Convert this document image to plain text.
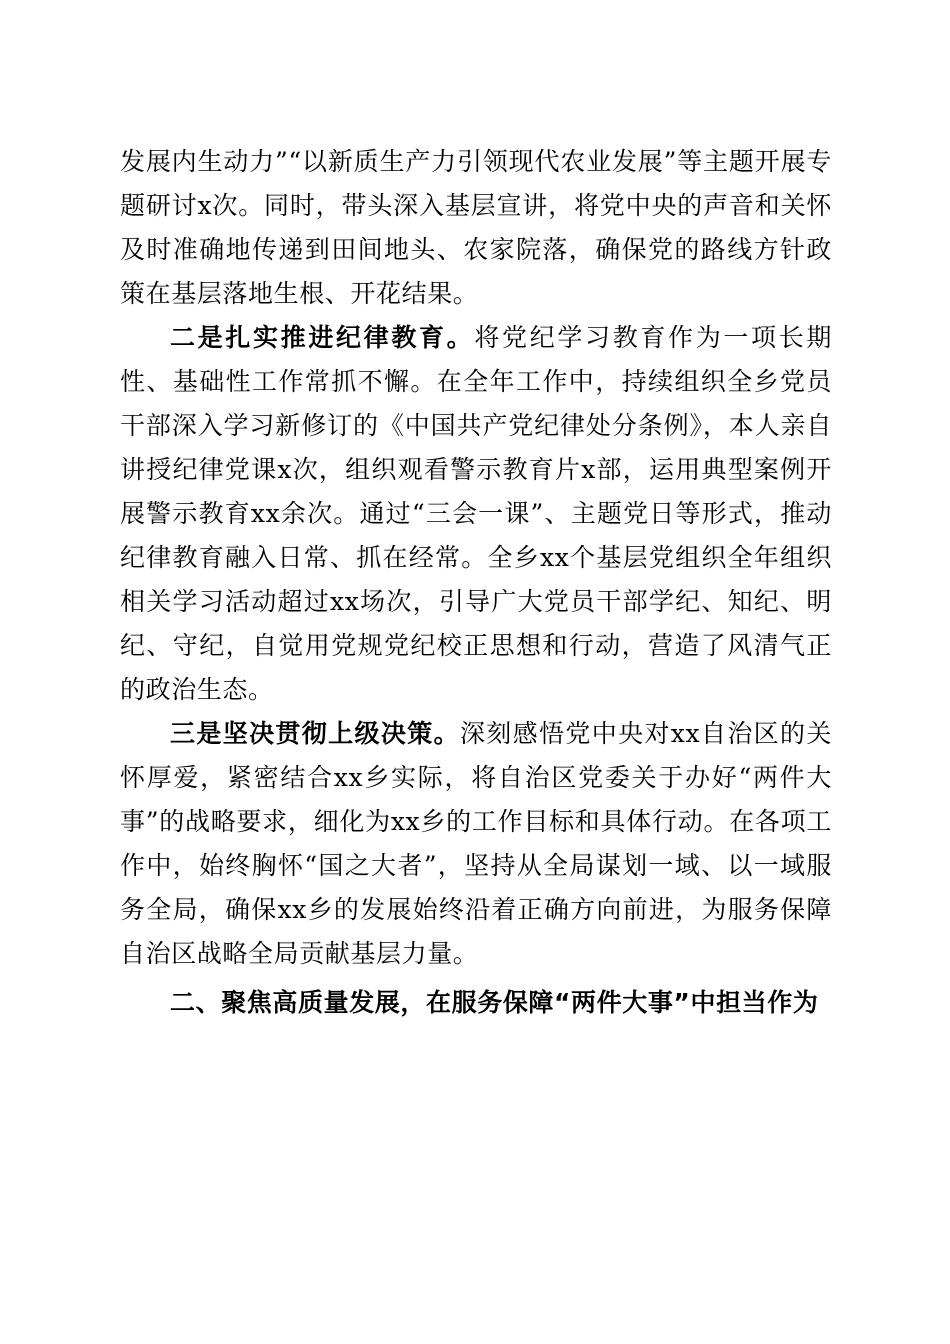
发展内生动力”“以新质生产力引领现代农业发展”等主题开展专题研讨x次。同时，带头深入基层宣讲，将党中央的声音和关怀及时准确地传递到田间地头、农家院落，确保党的路线方针政策在基层落地生根、开花结果。

二是扎实推进纪律教育。将党纪学习教育作为一项长期性、基础性工作常抓不懈。在全年工作中，持续组织全乡党员干部深入学习新修订的《中国共产党纪律处分条例》，本人亲自讲授纪律党课x次，组织观看警示教育片x部，运用典型案例开展警示教育xx余次。通过“三会一课”、主题党日等形式，推动纪律教育融入日常、抓在经常。全乡xx个基层党组织全年组织相关学习活动超过xx场次，引导广大党员干部学纪、知纪、明纪、守纪，自觉用党规党纪校正思想和行动，营造了风清气正的政治生态。

三是坚决贯彻上级决策。深刻感悟党中央对xx自治区的关怀厚爱，紧密结合xx乡实际，将自治区党委关于办好“两件大事”的战略要求，细化为xx乡的工作目标和具体行动。在各项工作中，始终胸怀“国之大者”，坚持从全局谋划一域、以一域服务全局，确保xx乡的发展始终沿着正确方向前进，为服务保障自治区战略全局贡献基层力量。

二、聚焦高质量发展，在服务保障“两件大事”中担当作为
